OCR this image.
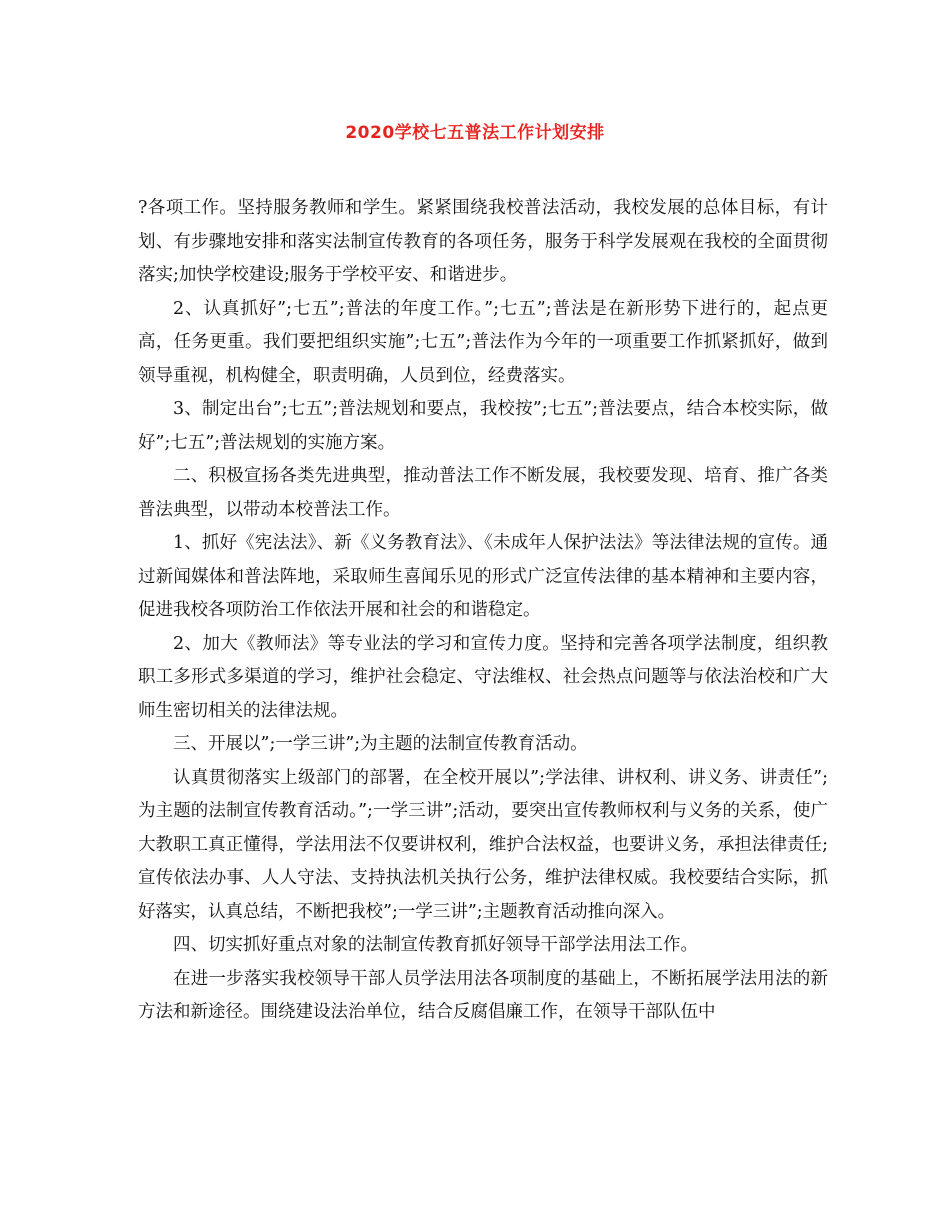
2020学校七五普法工作计划安排

?各项工作。坚持服务教师和学生。紧紧围绕我校普法活动，我校发展的总体目标，有计划、有步骤地安排和落实法制宣传教育的各项任务，服务于科学发展观在我校的全面贯彻落实;加快学校建设;服务于学校平安、和谐进步。

2、认真抓好”;七五”;普法的年度工作。”;七五”;普法是在新形势下进行的，起点更高，任务更重。我们要把组织实施”;七五”;普法作为今年的一项重要工作抓紧抓好，做到领导重视，机构健全，职责明确，人员到位，经费落实。

3、制定出台”;七五”;普法规划和要点，我校按”;七五”;普法要点，结合本校实际，做好”;七五”;普法规划的实施方案。

二、积极宣扬各类先进典型，推动普法工作不断发展，我校要发现、培育、推广各类普法典型，以带动本校普法工作。

1、抓好《宪法法》、新《义务教育法》、《未成年人保护法法》等法律法规的宣传。通过新闻媒体和普法阵地，采取师生喜闻乐见的形式广泛宣传法律的基本精神和主要内容，促进我校各项防治工作依法开展和社会的和谐稳定。

2、加大《教师法》等专业法的学习和宣传力度。坚持和完善各项学法制度，组织教职工多形式多渠道的学习，维护社会稳定、守法维权、社会热点问题等与依法治校和广大师生密切相关的法律法规。

三、开展以”;一学三讲”;为主题的法制宣传教育活动。

认真贯彻落实上级部门的部署，在全校开展以”;学法律、讲权利、讲义务、讲责任”;为主题的法制宣传教育活动。”;一学三讲”;活动，要突出宣传教师权利与义务的关系，使广大教职工真正懂得，学法用法不仅要讲权利，维护合法权益，也要讲义务，承担法律责任;宣传依法办事、人人守法、支持执法机关执行公务，维护法律权威。我校要结合实际，抓好落实，认真总结，不断把我校”;一学三讲”;主题教育活动推向深入。

四、切实抓好重点对象的法制宣传教育抓好领导干部学法用法工作。

在进一步落实我校领导干部人员学法用法各项制度的基础上，不断拓展学法用法的新方法和新途径。围绕建设法治单位，结合反腐倡廉工作，在领导干部队伍中
